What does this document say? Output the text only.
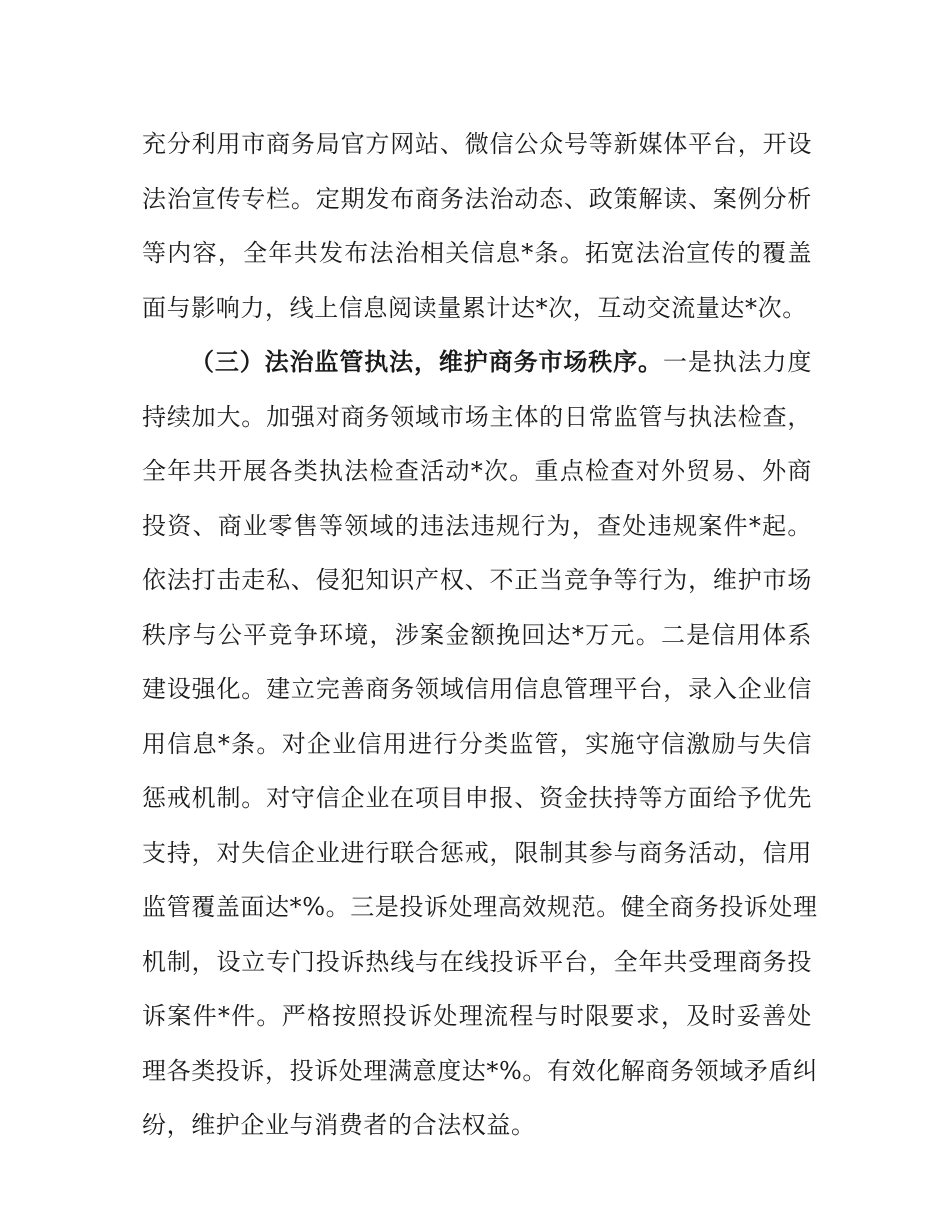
充分利用市商务局官方网站、微信公众号等新媒体平台，开设
法治宣传专栏。定期发布商务法治动态、政策解读、案例分析
等内容，全年共发布法治相关信息*条。拓宽法治宣传的覆盖
面与影响力，线上信息阅读量累计达*次，互动交流量达*次。
（三）法治监管执法，维护商务市场秩序。一是执法力度
持续加大。加强对商务领域市场主体的日常监管与执法检查，
全年共开展各类执法检查活动*次。重点检查对外贸易、外商
投资、商业零售等领域的违法违规行为，查处违规案件*起。
依法打击走私、侵犯知识产权、不正当竞争等行为，维护市场
秩序与公平竞争环境，涉案金额挽回达*万元。二是信用体系
建设强化。建立完善商务领域信用信息管理平台，录入企业信
用信息*条。对企业信用进行分类监管，实施守信激励与失信
惩戒机制。对守信企业在项目申报、资金扶持等方面给予优先
支持，对失信企业进行联合惩戒，限制其参与商务活动，信用
监管覆盖面达*%。三是投诉处理高效规范。健全商务投诉处理
机制，设立专门投诉热线与在线投诉平台，全年共受理商务投
诉案件*件。严格按照投诉处理流程与时限要求，及时妥善处
理各类投诉，投诉处理满意度达*%。有效化解商务领域矛盾纠
纷，维护企业与消费者的合法权益。
